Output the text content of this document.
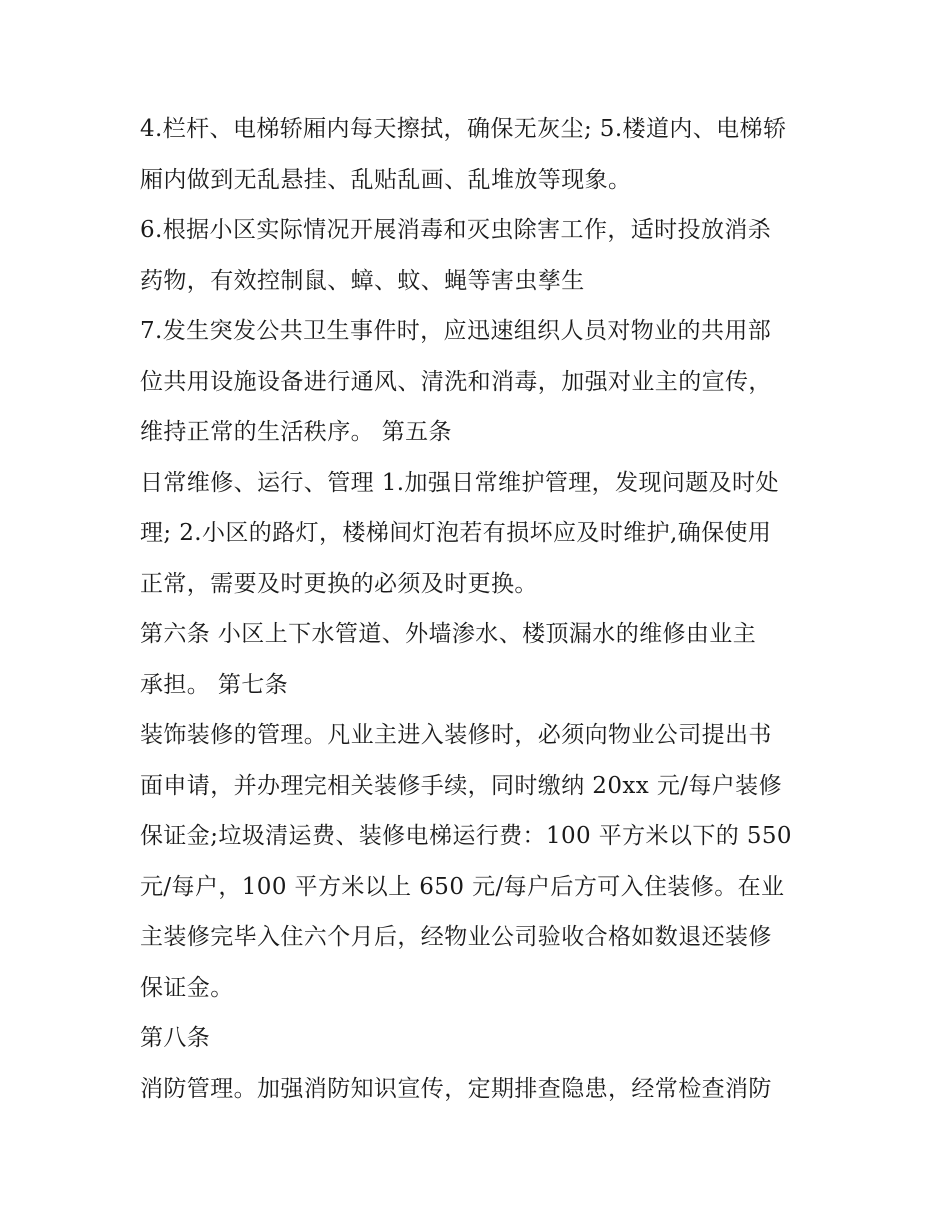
4.栏杆、电梯轿厢内每天擦拭，确保无灰尘; 5.楼道内、电梯轿
厢内做到无乱悬挂、乱贴乱画、乱堆放等现象。
6.根据小区实际情况开展消毒和灭虫除害工作，适时投放消杀
药物，有效控制鼠、蟑、蚊、蝇等害虫孳生
7.发生突发公共卫生事件时，应迅速组织人员对物业的共用部
位共用设施设备进行通风、清洗和消毒，加强对业主的宣传，
维持正常的生活秩序。 第五条
日常维修、运行、管理 1.加强日常维护管理，发现问题及时处
理; 2.小区的路灯，楼梯间灯泡若有损坏应及时维护,确保使用
正常，需要及时更换的必须及时更换。
第六条 小区上下水管道、外墙渗水、楼顶漏水的维修由业主
承担。 第七条
装饰装修的管理。凡业主进入装修时，必须向物业公司提出书
面申请，并办理完相关装修手续，同时缴纳 20xx 元/每户装修
保证金;垃圾清运费、装修电梯运行费：100 平方米以下的 550
元/每户，100 平方米以上 650 元/每户后方可入住装修。在业
主装修完毕入住六个月后，经物业公司验收合格如数退还装修
保证金。
第八条
消防管理。加强消防知识宣传，定期排查隐患，经常检查消防
